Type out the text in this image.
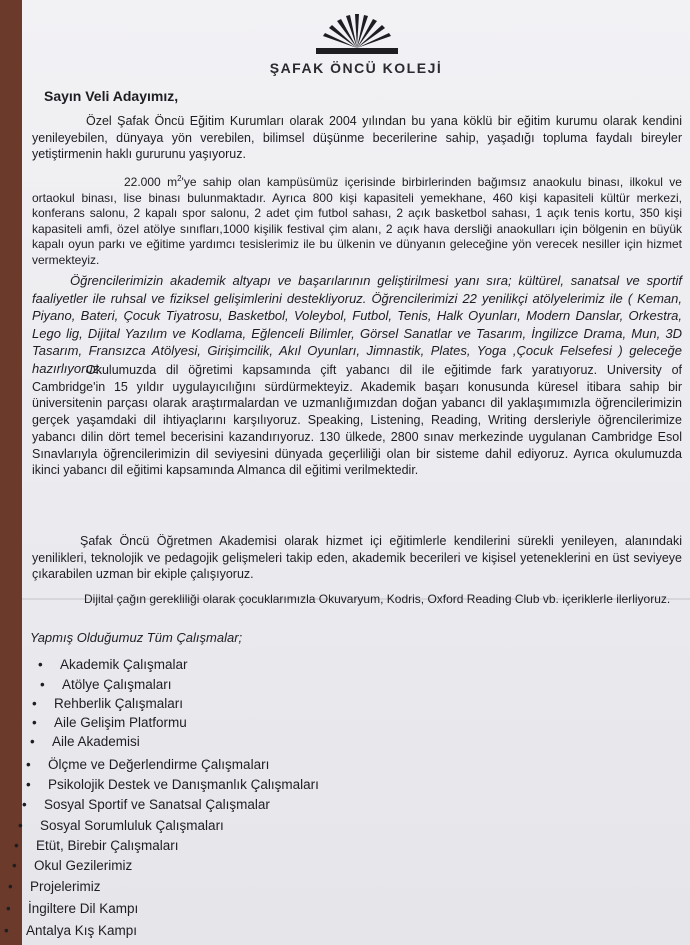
ŞAFAK ÖNCÜ KOLEJİ
Sayın Veli Adayımız,

Özel Şafak Öncü Eğitim Kurumları olarak 2004 yılından bu yana köklü bir eğitim kurumu olarak kendini yenileyebilen, dünyaya yön verebilen, bilimsel düşünme becerilerine sahip, yaşadığı topluma faydalı bireyler yetiştirmenin haklı gururunu yaşıyoruz.

22.000 $m^2'ye$ sahip olan kampüsümüz içerisinde birbirlerinden bağımsız anaokulu binası, ilkokul ve ortaokul binası, lise binası bulunmaktadır. Ayrıca 800 kişi kapasiteli yemekhane, 460 kişi kapasiteli kültür merkezi, konferans salonu, 2 kapalı spor salonu, 2 adet çim futbol sahası, 2 açık basketbol sahası, 1 açık tenis kortu, 350 kişi kapasiteli amfi, özel atölye sınıfları,1000 kişilik festival çim alanı, 2 açık hava dersliği anaokulları için bölgenin en büyük kapalı oyun parkı ve eğitime yardımcı tesislerimiz ile bu ülkenin ve dünyanın geleceğine yön verecek nesiller için hizmet vermekteyiz.

Öğrencilerimizin akademik altyapı ve başarılarının geliştirilmesi yanı sıra; kültürel, sanatsal ve sportif faaliyetler ile ruhsal ve fiziksel gelişimlerini destekliyoruz. Öğrencilerimizi 22 yenilikçi atölyelerimiz ile ( Keman, Piyano, Bateri, Çocuk Tiyatrosu, Basketbol, Voleybol, Futbol, Tenis, Halk Oyunları, Modern Danslar, Orkestra, Lego lig, Dijital Yazılım ve Kodlama, Eğlenceli Bilimler, Görsel Sanatlar ve Tasarım, İngilizce Drama, Mun, 3D Tasarım, Fransızca Atölyesi, Girişimcilik, Akıl Oyunları, Jimnastik, Plates, Yoga ,Çocuk Felsefesi ) geleceğe hazırlıyoruz.

Okulumuzda dil öğretimi kapsamında çift yabancı dil ile eğitimde fark yaratıyoruz. University of Cambridge'in 15 yıldır uygulayıcılığını sürdürmekteyiz. Akademik başarı konusunda küresel itibara sahip bir üniversitenin parçası olarak araştırmalardan ve uzmanlığımızdan doğan yabancı dil yaklaşımımızla öğrencilerimizin gerçek yaşamdaki dil ihtiyaçlarını karşılıyoruz. Speaking, Listening, Reading, Writing dersleriyle öğrencilerimize yabancı dilin dört temel becerisini kazandırıyoruz. 130 ülkede, 2800 sınav merkezinde uygulanan Cambridge Esol Sınavlarıyla öğrencilerimizin dil seviyesini dünyada geçerliliği olan bir sisteme dahil ediyoruz. Ayrıca okulumuzda ikinci yabancı dil eğitimi kapsamında Almanca dil eğitimi verilmektedir.

Şafak Öncü Öğretmen Akademisi olarak hizmet içi eğitimlerle kendilerini sürekli yenileyen, alanındaki yenilikleri, teknolojik ve pedagojik gelişmeleri takip eden, akademik becerileri ve kişisel yeteneklerini en üst seviyeye çıkarabilen uzman bir ekiple çalışıyoruz.

Dijital çağın gerekliliği olarak çocuklarımızla Okuvaryum, Kodris, Oxford Reading Club vb. içeriklerle ilerliyoruz.

Yapmış Olduğumuz Tüm Çalışmalar;
• Akademik Çalışmalar
• Atölye Çalışmaları
• Rehberlik Çalışmaları
• Aile Gelişim Platformu
• Aile Akademisi
• Ölçme ve Değerlendirme Çalışmaları
• Psikolojik Destek ve Danışmanlık Çalışmaları
• Sosyal Sportif ve Sanatsal Çalışmalar
• Sosyal Sorumluluk Çalışmaları
• Etüt, Birebir Çalışmaları
• Okul Gezilerimiz
• Projelerimiz
• İngiltere Dil Kampı
• Antalya Kış Kampı
